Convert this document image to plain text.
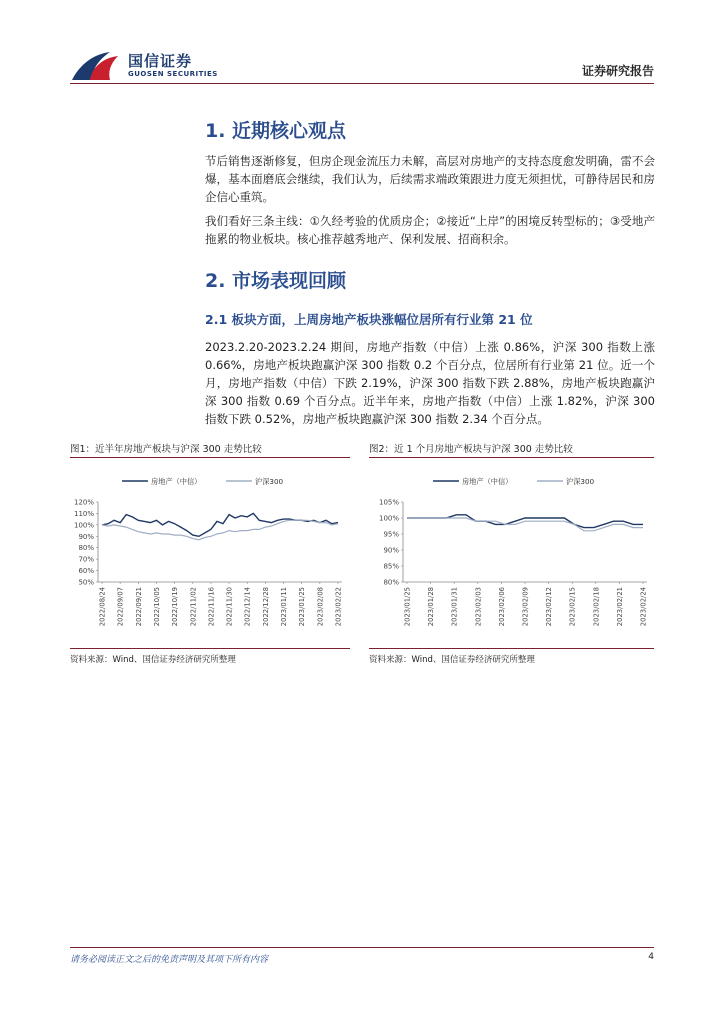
国信证券
GUOSEN SECURITIES	证券研究报告
1. 近期核心观点
节后销售逐渐修复，但房企现金流压力未解，高层对房地产的支持态度愈发明确，雷不会爆，基本面磨底会继续，我们认为，后续需求端政策跟进力度无须担忧，可静待居民和房企信心重筑。
我们看好三条主线：①久经考验的优质房企；②接近“上岸”的困境反转型标的；③受地产拖累的物业板块。核心推荐越秀地产、保利发展、招商积余。
2. 市场表现回顾
2.1 板块方面，上周房地产板块涨幅位居所有行业第 21 位
2023.2.20-2023.2.24 期间，房地产指数（中信）上涨 0.86%，沪深 300 指数上涨 0.66%，房地产板块跑赢沪深 300 指数 0.2 个百分点，位居所有行业第 21 位。近一个月，房地产指数（中信）下跌 2.19%，沪深 300 指数下跌 2.88%，房地产板块跑赢沪深 300 指数 0.69 个百分点。近半年来，房地产指数（中信）上涨 1.82%，沪深 300 指数下跌 0.52%，房地产板块跑赢沪深 300 指数 2.34 个百分点。
图1：近半年房地产板块与沪深 300 走势比较
50%
60%
70%
80%
90%
100%
110%
120%
2022/08/24 2022/09/07 2022/09/21 2022/10/05 2022/10/19 2022/11/02 2022/11/16 2022/11/30 2022/12/14 2022/12/28 2023/01/11 2023/01/25 2023/02/08 2023/02/22
房地产（中信）	沪深300
资料来源：Wind、国信证券经济研究所整理
图2：近 1 个月房地产板块与沪深 300 走势比较
80%
85%
90%
95%
100%
105%
2023/01/25 2023/01/28 2023/01/31 2023/02/03 2023/02/06 2023/02/09 2023/02/12 2023/02/15 2023/02/18 2023/02/21 2023/02/24
房地产（中信）	沪深300
资料来源：Wind、国信证券经济研究所整理
请务必阅读正文之后的免责声明及其项下所有内容	4
